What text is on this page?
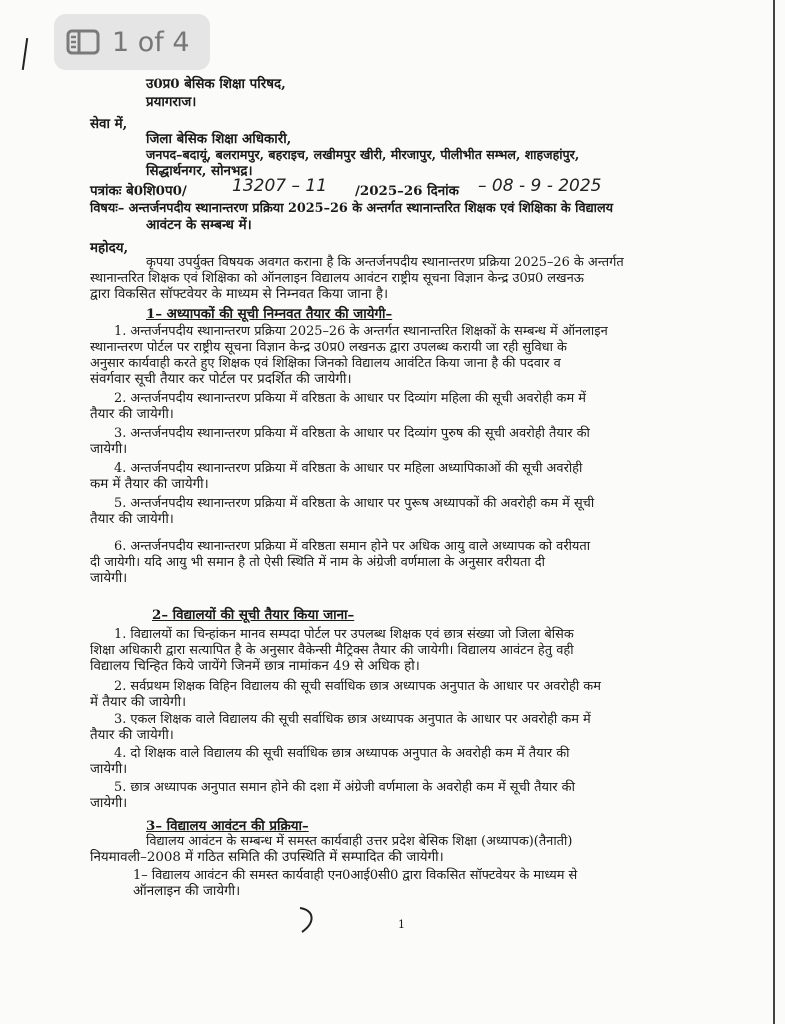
1 of 4
उ0प्र0 बेसिक शिक्षा परिषद,
प्रयागराज।
सेवा में,
जिला बेसिक शिक्षा अधिकारी,
जनपद–बदायूं, बलरामपुर, बहराइच, लखीमपुर खीरी, मीरजापुर, पीलीभीत सम्भल, शाहजहांपुर,
सिद्धार्थनगर, सोनभद्र।
पत्रांकः बे0शि0प0/	13207 – 11 /2025–26 दिनांक – 08 - 9 - 2025
विषयः– अन्तर्जनपदीय स्थानान्तरण प्रक्रिया 2025–26 के अन्तर्गत स्थानान्तरित शिक्षक एवं शिक्षिका के विद्यालय
आवंटन के सम्बन्ध में।
महोदय,
कृपया उपर्युक्त विषयक अवगत कराना है कि अन्तर्जनपदीय स्थानान्तरण प्रक्रिया 2025–26 के अन्तर्गत
स्थानान्तरित शिक्षक एवं शिक्षिका को ऑनलाइन विद्यालय आवंटन राष्ट्रीय सूचना विज्ञान केन्द्र उ0प्र0 लखनऊ
द्वारा विकसित सॉफ्टवेयर के माध्यम से निम्नवत किया जाना है।
1– अध्यापकों की सूची निम्नवत तैयार की जायेगी–
1. अन्तर्जनपदीय स्थानान्तरण प्रक्रिया 2025–26 के अन्तर्गत स्थानान्तरित शिक्षकों के सम्बन्ध में ऑनलाइन
स्थानान्तरण पोर्टल पर राष्ट्रीय सूचना विज्ञान केन्द्र उ0प्र0 लखनऊ द्वारा उपलब्ध करायी जा रही सुविधा के
अनुसार कार्यवाही करते हुए शिक्षक एवं शिक्षिका जिनको विद्यालय आवंटित किया जाना है की पदवार व
संवर्गवार सूची तैयार कर पोर्टल पर प्रदर्शित की जायेगी।
2. अन्तर्जनपदीय स्थानान्तरण प्रकिया में वरिष्ठता के आधार पर दिव्यांग महिला की सूची अवरोही कम में
तैयार की जायेगी।
3. अन्तर्जनपदीय स्थानान्तरण प्रकिया में वरिष्ठता के आधार पर दिव्यांग पुरुष की सूची अवरोही तैयार की
जायेगी।
4. अन्तर्जनपदीय स्थानान्तरण प्रक्रिया में वरिष्ठता के आधार पर महिला अध्यापिकाओं की सूची अवरोही
कम में तैयार की जायेगी।
5. अन्तर्जनपदीय स्थानान्तरण प्रक्रिया में वरिष्ठता के आधार पर पुरूष अध्यापकों की अवरोही कम में सूची
तैयार की जायेगी।
6. अन्तर्जनपदीय स्थानान्तरण प्रक्रिया में वरिष्ठता समान होने पर अधिक आयु वाले अध्यापक को वरीयता
दी जायेगी। यदि आयु भी समान है तो ऐसी स्थिति में नाम के अंग्रेजी वर्णमाला के अनुसार वरीयता दी
जायेगी।
2– विद्यालयों की सूची तैयार किया जाना–
1. विद्यालयों का चिन्हांकन मानव सम्पदा पोर्टल पर उपलब्ध शिक्षक एवं छात्र संख्या जो जिला बेसिक
शिक्षा अधिकारी द्वारा सत्यापित है के अनुसार वैकेन्सी मैट्रिक्स तैयार की जायेगी। विद्यालय आवंटन हेतु वही
विद्यालय चिन्हित किये जायेंगे जिनमें छात्र नामांकन 49 से अधिक हो।
2. सर्वप्रथम शिक्षक विहिन विद्यालय की सूची सर्वाधिक छात्र अध्यापक अनुपात के आधार पर अवरोही कम
में तैयार की जायेगी।
3. एकल शिक्षक वाले विद्यालय की सूची सर्वाधिक छात्र अध्यापक अनुपात के आधार पर अवरोही कम में
तैयार की जायेगी।
4. दो शिक्षक वाले विद्यालय की सूची सर्वाधिक छात्र अध्यापक अनुपात के अवरोही कम में तैयार की
जायेगी।
5. छात्र अध्यापक अनुपात समान होने की दशा में अंग्रेजी वर्णमाला के अवरोही कम में सूची तैयार की
जायेगी।
3– विद्यालय आवंटन की प्रक्रिया–
विद्यालय आवंटन के सम्बन्ध में समस्त कार्यवाही उत्तर प्रदेश बेसिक शिक्षा (अध्यापक)(तैनाती)
नियमावली–2008 में गठित समिति की उपस्थिति में सम्पादित की जायेगी।
1– विद्यालय आवंटन की समस्त कार्यवाही एन0आई0सी0 द्वारा विकसित सॉफ्टवेयर के माध्यम से
ऑनलाइन की जायेगी।
1
